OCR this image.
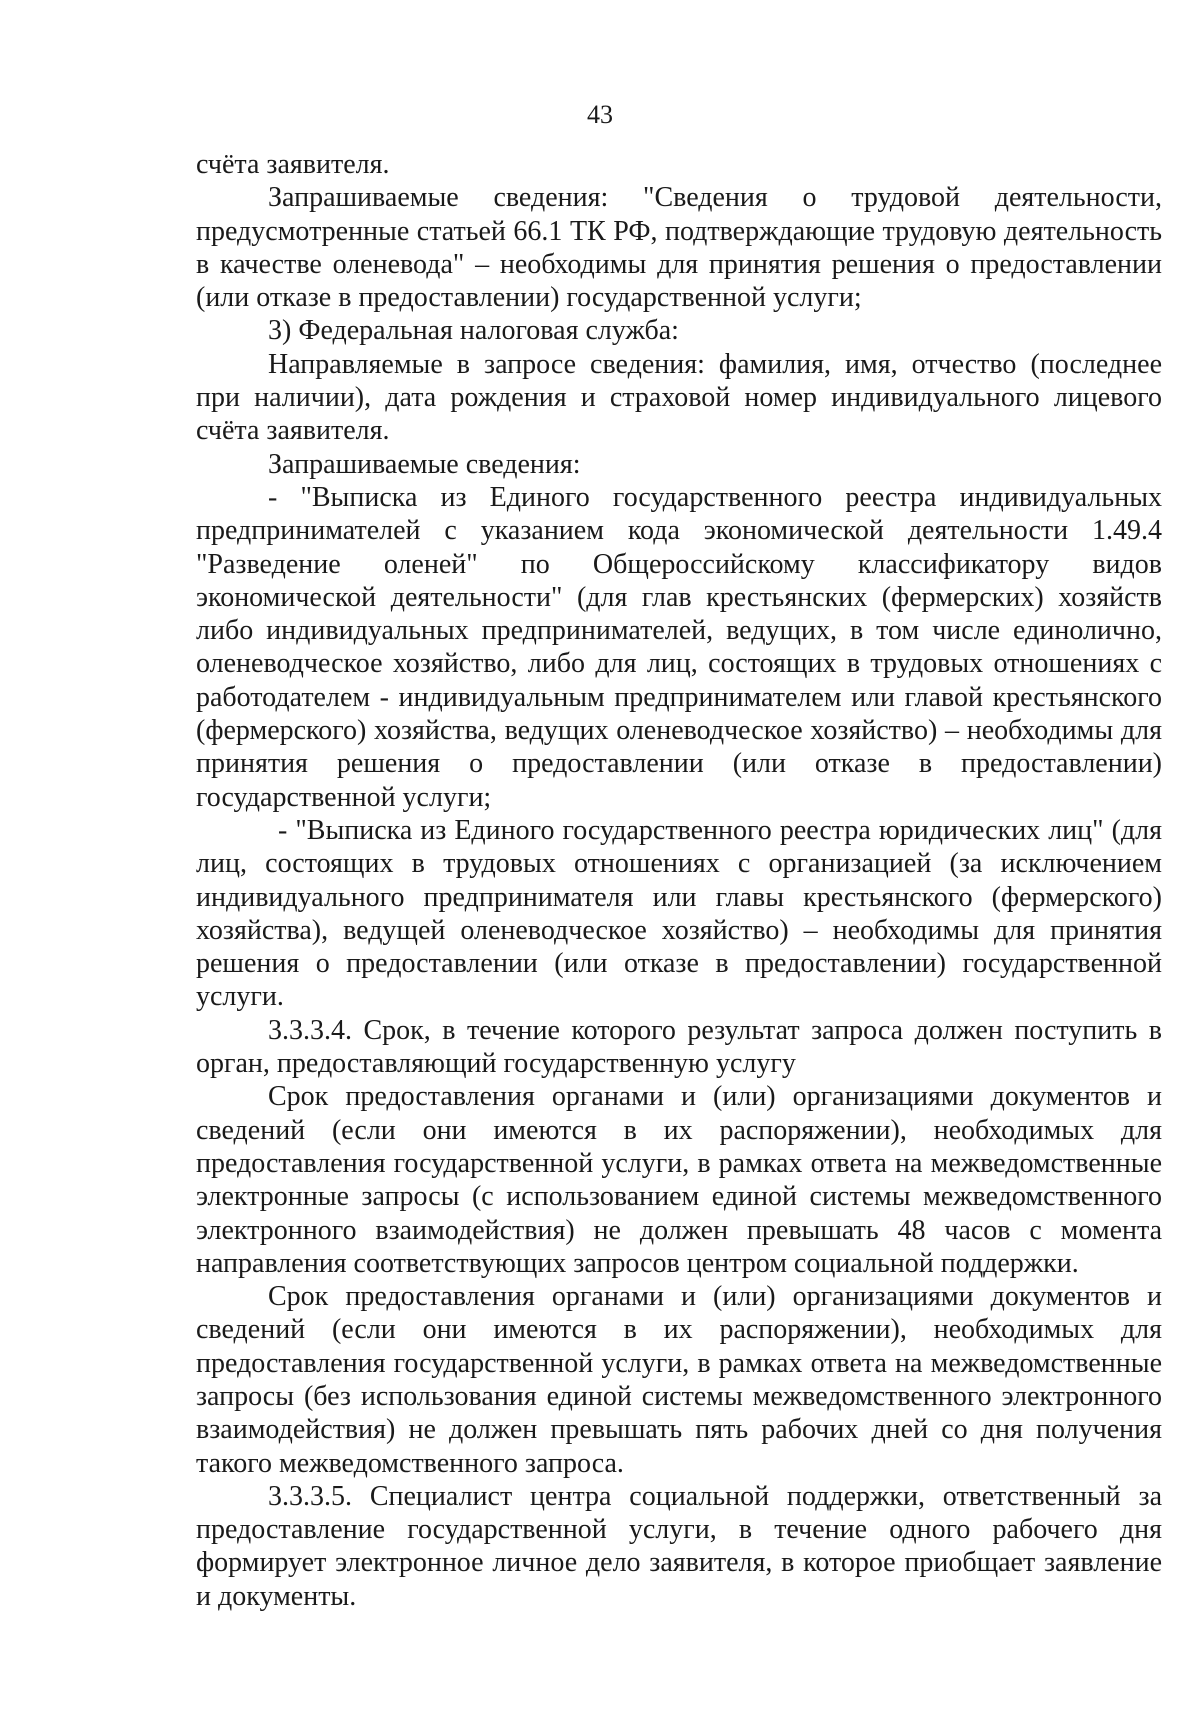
43

счёта заявителя.

Запрашиваемые сведения: "Сведения о трудовой деятельности, предусмотренные статьей 66.1 ТК РФ, подтверждающие трудовую деятельность в качестве оленевода" – необходимы для принятия решения о предоставлении (или отказе в предоставлении) государственной услуги;

3) Федеральная налоговая служба:

Направляемые в запросе сведения: фамилия, имя, отчество (последнее при наличии), дата рождения и страховой номер индивидуального лицевого счёта заявителя.

Запрашиваемые сведения:

- "Выписка из Единого государственного реестра индивидуальных предпринимателей с указанием кода экономической деятельности 1.49.4 "Разведение оленей" по Общероссийскому классификатору видов экономической деятельности" (для глав крестьянских (фермерских) хозяйств либо индивидуальных предпринимателей, ведущих, в том числе единолично, оленеводческое хозяйство, либо для лиц, состоящих в трудовых отношениях с работодателем - индивидуальным предпринимателем или главой крестьянского (фермерского) хозяйства, ведущих оленеводческое хозяйство) – необходимы для принятия решения о предоставлении (или отказе в предоставлении) государственной услуги;

- "Выписка из Единого государственного реестра юридических лиц" (для лиц, состоящих в трудовых отношениях с организацией (за исключением индивидуального предпринимателя или главы крестьянского (фермерского) хозяйства), ведущей оленеводческое хозяйство) – необходимы для принятия решения о предоставлении (или отказе в предоставлении) государственной услуги.

3.3.3.4. Срок, в течение которого результат запроса должен поступить в орган, предоставляющий государственную услугу

Срок предоставления органами и (или) организациями документов и сведений (если они имеются в их распоряжении), необходимых для предоставления государственной услуги, в рамках ответа на межведомственные электронные запросы (с использованием единой системы межведомственного электронного взаимодействия) не должен превышать 48 часов с момента направления соответствующих запросов центром социальной поддержки.

Срок предоставления органами и (или) организациями документов и сведений (если они имеются в их распоряжении), необходимых для предоставления государственной услуги, в рамках ответа на межведомственные запросы (без использования единой системы межведомственного электронного взаимодействия) не должен превышать пять рабочих дней со дня получения такого межведомственного запроса.

3.3.3.5. Специалист центра социальной поддержки, ответственный за предоставление государственной услуги, в течение одного рабочего дня формирует электронное личное дело заявителя, в которое приобщает заявление и документы.
